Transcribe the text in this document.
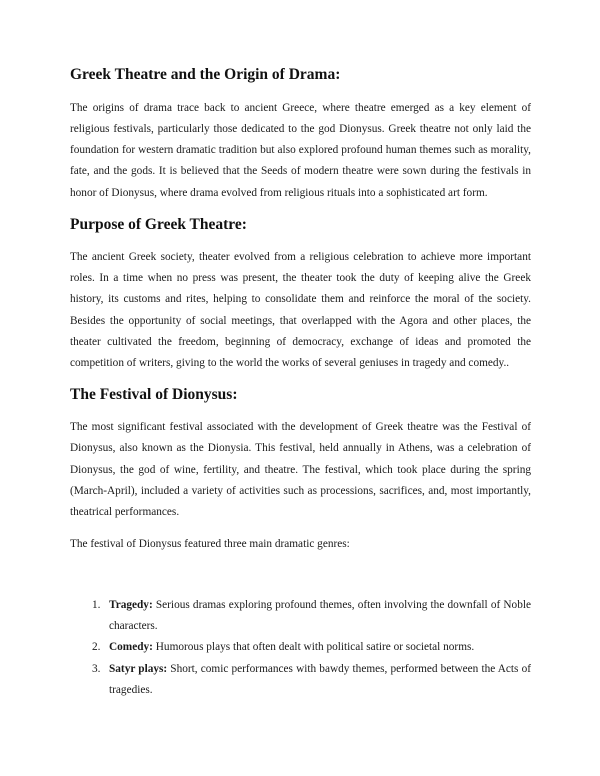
Greek Theatre and the Origin of Drama:

The origins of drama trace back to ancient Greece, where theatre emerged as a key element of religious festivals, particularly those dedicated to the god Dionysus. Greek theatre not only laid the foundation for western dramatic tradition but also explored profound human themes such as morality, fate, and the gods. It is believed that the Seeds of modern theatre were sown during the festivals in honor of Dionysus, where drama evolved from religious rituals into a sophisticated art form.

Purpose of Greek Theatre:

The ancient Greek society, theater evolved from a religious celebration to achieve more important roles. In a time when no press was present, the theater took the duty of keeping alive the Greek history, its customs and rites, helping to consolidate them and reinforce the moral of the society. Besides the opportunity of social meetings, that overlapped with the Agora and other places, the theater cultivated the freedom, beginning of democracy, exchange of ideas and promoted the competition of writers, giving to the world the works of several geniuses in tragedy and comedy..

The Festival of Dionysus:

The most significant festival associated with the development of Greek theatre was the Festival of Dionysus, also known as the Dionysia. This festival, held annually in Athens, was a celebration of Dionysus, the god of wine, fertility, and theatre. The festival, which took place during the spring (March-April), included a variety of activities such as processions, sacrifices, and, most importantly, theatrical performances.

The festival of Dionysus featured three main dramatic genres:

1. Tragedy: Serious dramas exploring profound themes, often involving the downfall of Noble characters.
2. Comedy: Humorous plays that often dealt with political satire or societal norms.
3. Satyr plays: Short, comic performances with bawdy themes, performed between the Acts of tragedies.
